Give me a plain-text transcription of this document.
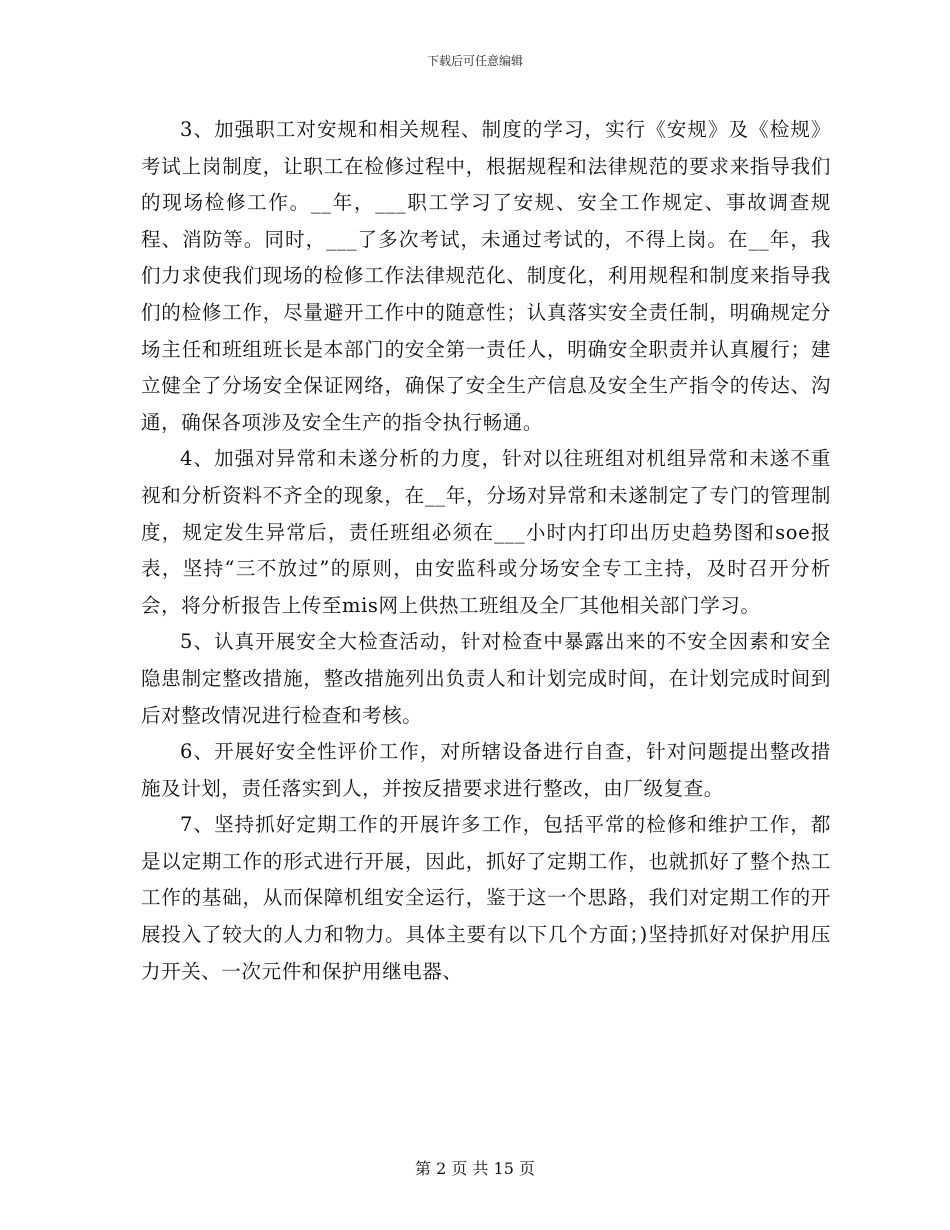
下载后可任意编辑

3、加强职工对安规和相关规程、制度的学习，实行《安规》及《检规》考试上岗制度，让职工在检修过程中，根据规程和法律规范的要求来指导我们的现场检修工作。__年，___职工学习了安规、安全工作规定、事故调查规程、消防等。同时，___了多次考试，未通过考试的，不得上岗。在__年，我们力求使我们现场的检修工作法律规范化、制度化，利用规程和制度来指导我们的检修工作，尽量避开工作中的随意性；认真落实安全责任制，明确规定分场主任和班组班长是本部门的安全第一责任人，明确安全职责并认真履行；建立健全了分场安全保证网络，确保了安全生产信息及安全生产指令的传达、沟通，确保各项涉及安全生产的指令执行畅通。

4、加强对异常和未遂分析的力度，针对以往班组对机组异常和未遂不重视和分析资料不齐全的现象，在__年，分场对异常和未遂制定了专门的管理制度，规定发生异常后，责任班组必须在___小时内打印出历史趋势图和soe报表，坚持“三不放过”的原则，由安监科或分场安全专工主持，及时召开分析会，将分析报告上传至mis网上供热工班组及全厂其他相关部门学习。

5、认真开展安全大检查活动，针对检查中暴露出来的不安全因素和安全隐患制定整改措施，整改措施列出负责人和计划完成时间，在计划完成时间到后对整改情况进行检查和考核。

6、开展好安全性评价工作，对所辖设备进行自查，针对问题提出整改措施及计划，责任落实到人，并按反措要求进行整改，由厂级复查。

7、坚持抓好定期工作的开展许多工作，包括平常的检修和维护工作，都是以定期工作的形式进行开展，因此，抓好了定期工作，也就抓好了整个热工工作的基础，从而保障机组安全运行，鉴于这一个思路，我们对定期工作的开展投入了较大的人力和物力。具体主要有以下几个方面；)坚持抓好对保护用压力开关、一次元件和保护用继电器、

第 2 页 共 15 页
